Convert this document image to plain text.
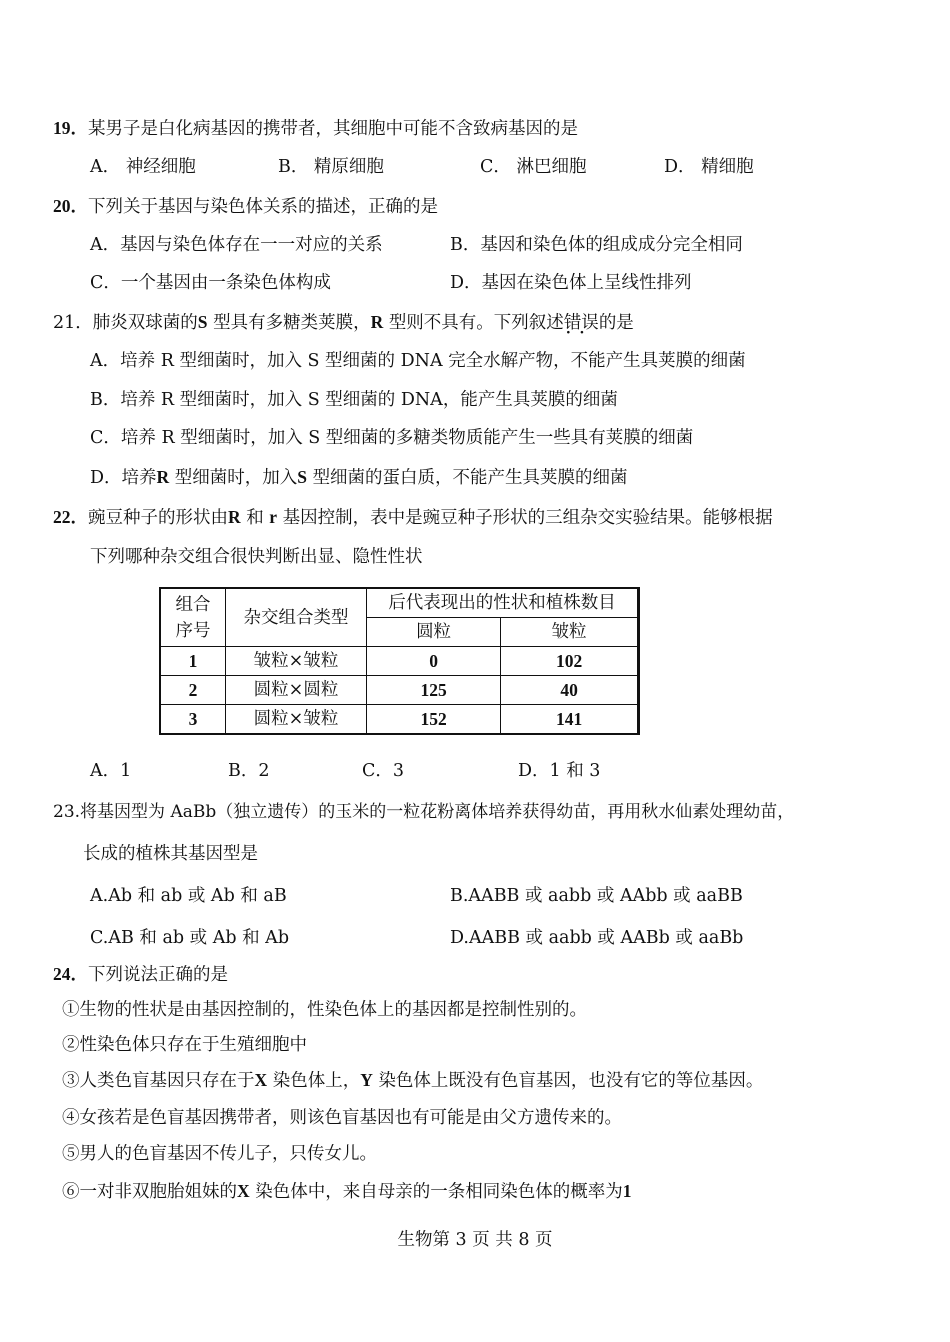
19．某男子是白化病基因的携带者，其细胞中可能不含致病基因的是
A． 神经细胞	B． 精原细胞	C． 淋巴细胞	D． 精细胞
20．下列关于基因与染色体关系的描述，正确的是
A．基因与染色体存在一一对应的关系	B．基因和染色体的组成成分完全相同
C．一个基因由一条染色体构成	D．基因在染色体上呈线性排列
21．肺炎双球菌的S 型具有多糖类荚膜，R 型则不具有。下列叙述错误 · ·的是
A．培养 R 型细菌时，加入 S 型细菌的 DNA 完全水解产物，不能产生具荚膜的细菌
B．培养 R 型细菌时，加入 S 型细菌的 DNA，能产生具荚膜的细菌
C．培养 R 型细菌时，加入 S 型细菌的多糖类物质能产生一些具有荚膜的细菌
D．培养R 型细菌时，加入S 型细菌的蛋白质，不能产生具荚膜的细菌
22．豌豆种子的形状由R 和 r 基因控制，表中是豌豆种子形状的三组杂交实验结果。能够根据
下列哪种杂交组合很快判断出显、隐性性状
组合序号	杂交组合类型	后代表现出的性状和植株数目	
		圆粒	皱粒
1	皱粒×皱粒	0	102
2	圆粒×圆粒	125	40
3	圆粒×皱粒	152	141
A．1	B．2	C．3	D．1 和 3
23.将基因型为 AaBb（独立遗传）的玉米的一粒花粉离体培养获得幼苗，再用秋水仙素处理幼苗，
长成的植株其基因型是
A.Ab 和 ab 或 Ab 和 aB	B.AABB 或 aabb 或 AAbb 或 aaBB
C.AB 和 ab 或 Ab 和 Ab	D.AABB 或 aabb 或 AABb 或 aaBb
24．下列说法正确的是
①生物的性状是由基因控制的，性染色体上的基因都是控制性别的。
②性染色体只存在于生殖细胞中
③人类色盲基因只存在于X 染色体上，Y 染色体上既没有色盲基因，也没有它的等位基因。
④女孩若是色盲基因携带者，则该色盲基因也有可能是由父方遗传来的。
⑤男人的色盲基因不传儿子，只传女儿。
⑥一对非双胞胎姐妹的X 染色体中，来自母亲的一条相同染色体的概率为1
生物第 3 页 共 8 页
